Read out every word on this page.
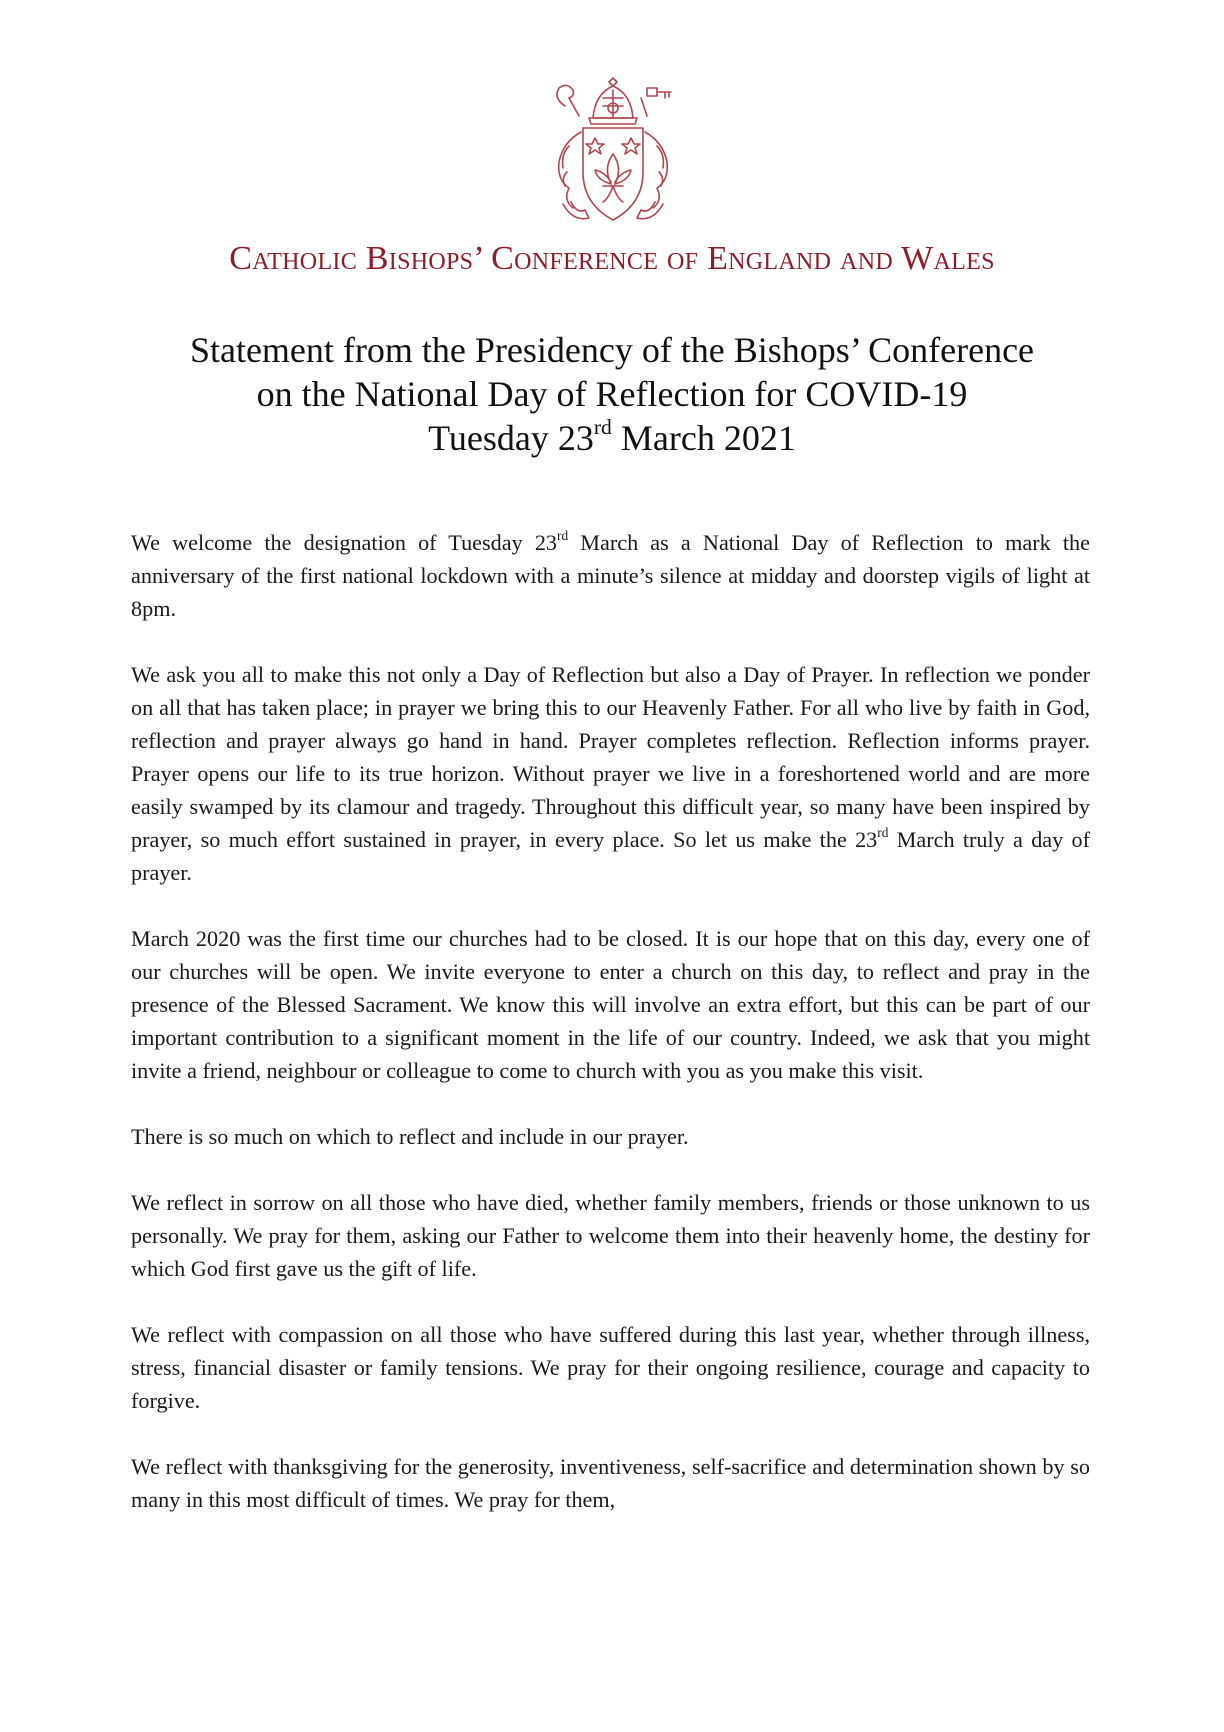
Catholic Bishops’ Conference of England and Wales
Statement from the Presidency of the Bishops’ Conference
on the National Day of Reflection for COVID-19
Tuesday 23rd March 2021

We welcome the designation of Tuesday 23rd March as a National Day of Reflection to mark the anniversary of the first national lockdown with a minute’s silence at midday and doorstep vigils of light at 8pm.

We ask you all to make this not only a Day of Reflection but also a Day of Prayer. In reflection we ponder on all that has taken place; in prayer we bring this to our Heavenly Father. For all who live by faith in God, reflection and prayer always go hand in hand. Prayer completes reflection. Reflection informs prayer. Prayer opens our life to its true horizon. Without prayer we live in a foreshortened world and are more easily swamped by its clamour and tragedy. Throughout this difficult year, so many have been inspired by prayer, so much effort sustained in prayer, in every place. So let us make the 23rd March truly a day of prayer.

March 2020 was the first time our churches had to be closed. It is our hope that on this day, every one of our churches will be open. We invite everyone to enter a church on this day, to reflect and pray in the presence of the Blessed Sacrament. We know this will involve an extra effort, but this can be part of our important contribution to a significant moment in the life of our country. Indeed, we ask that you might invite a friend, neighbour or colleague to come to church with you as you make this visit.

There is so much on which to reflect and include in our prayer.

We reflect in sorrow on all those who have died, whether family members, friends or those unknown to us personally. We pray for them, asking our Father to welcome them into their heavenly home, the destiny for which God first gave us the gift of life.

We reflect with compassion on all those who have suffered during this last year, whether through illness, stress, financial disaster or family tensions. We pray for their ongoing resilience, courage and capacity to forgive.

We reflect with thanksgiving for the generosity, inventiveness, self-sacrifice and determination shown by so many in this most difficult of times. We pray for them,
